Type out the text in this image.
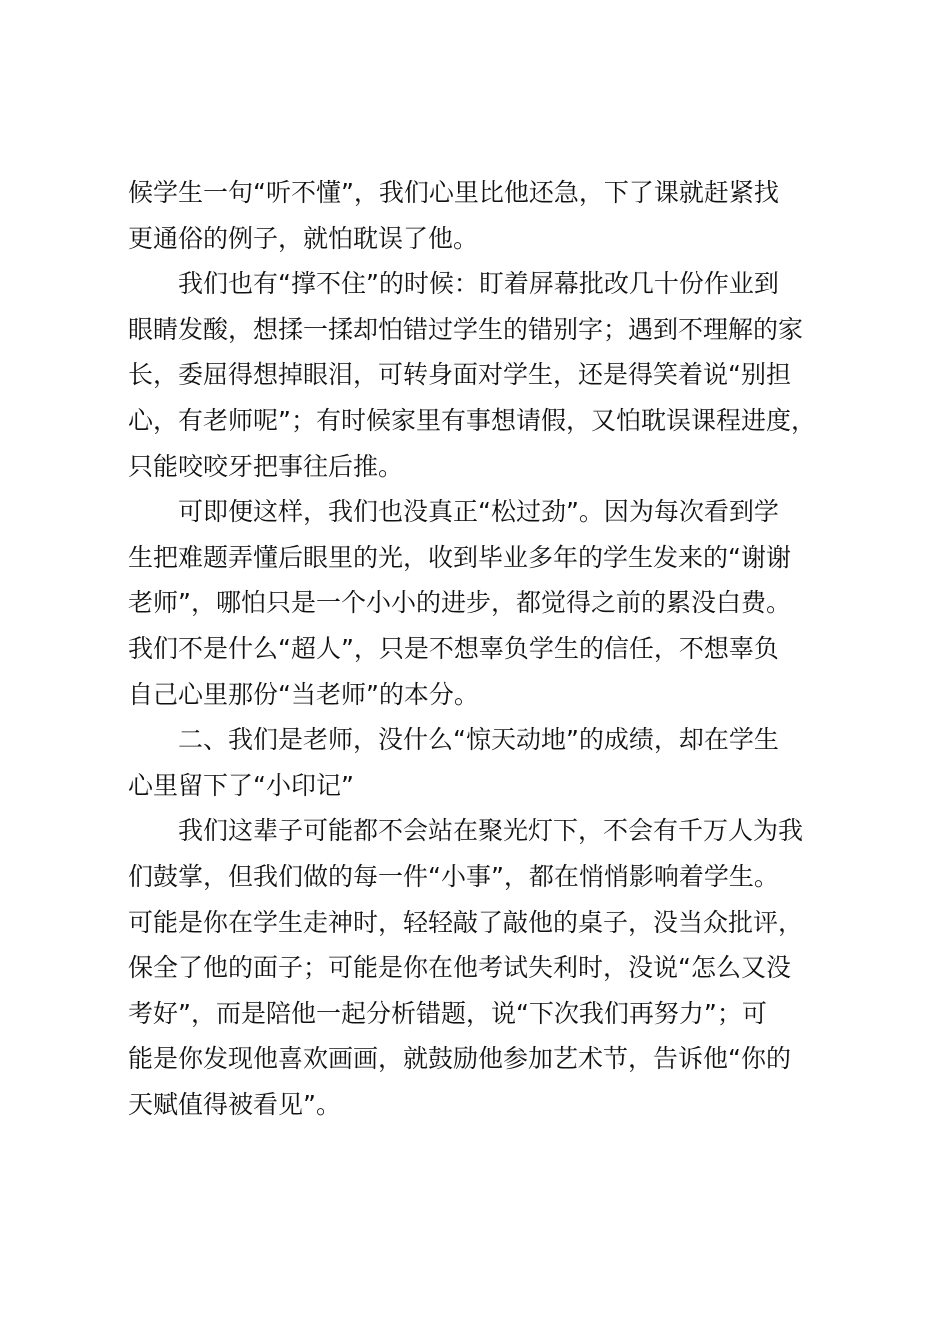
候学生一句“听不懂”，我们心里比他还急，下了课就赶紧找
更通俗的例子，就怕耽误了他。

我们也有“撑不住”的时候：盯着屏幕批改几十份作业到
眼睛发酸，想揉一揉却怕错过学生的错别字；遇到不理解的家
长，委屈得想掉眼泪，可转身面对学生，还是得笑着说“别担
心，有老师呢”；有时候家里有事想请假，又怕耽误课程进度，
只能咬咬牙把事往后推。

可即便这样，我们也没真正“松过劲”。因为每次看到学
生把难题弄懂后眼里的光，收到毕业多年的学生发来的“谢谢
老师”，哪怕只是一个小小的进步，都觉得之前的累没白费。
我们不是什么“超人”，只是不想辜负学生的信任，不想辜负
自己心里那份“当老师”的本分。

二、我们是老师，没什么“惊天动地”的成绩，却在学生
心里留下了“小印记”

我们这辈子可能都不会站在聚光灯下，不会有千万人为我
们鼓掌，但我们做的每一件“小事”，都在悄悄影响着学生。
可能是你在学生走神时，轻轻敲了敲他的桌子，没当众批评，
保全了他的面子；可能是你在他考试失利时，没说“怎么又没
考好”，而是陪他一起分析错题，说“下次我们再努力”；可
能是你发现他喜欢画画，就鼓励他参加艺术节，告诉他“你的
天赋值得被看见”。
